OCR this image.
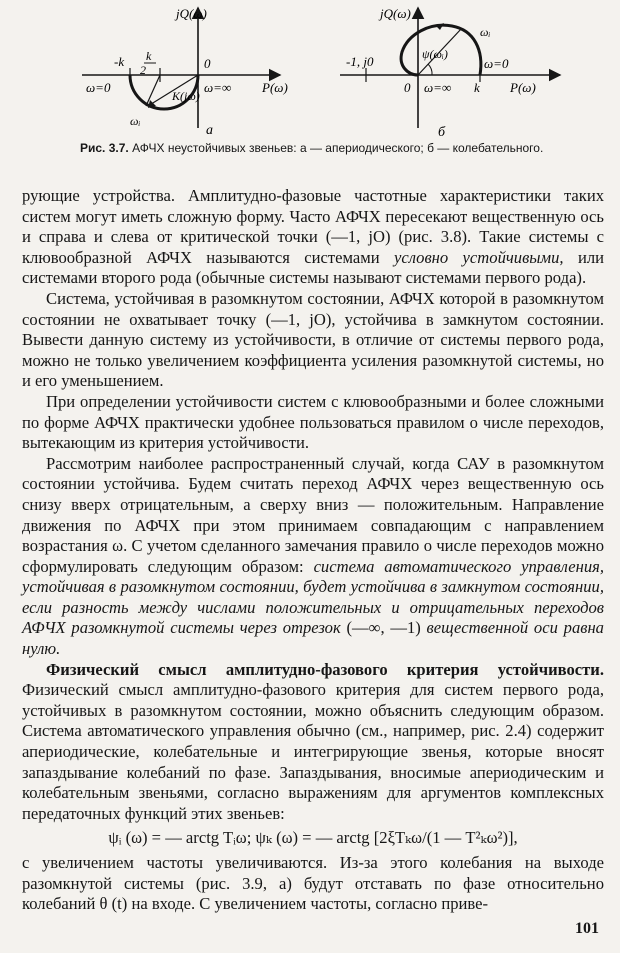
jQ(ω)
P(ω)
-k k
2	0
ω=0	ω=∞
K(jω)
ωᵢ
а
jQ(ω)
P(ω)
-1, j0
0
ω=0
ω=∞ k
ψ(ωᵢ)
ωᵢ
б
Рис. 3.7. АФЧХ неустойчивых звеньев: а — апериодического; б — колебательного.

рующие устройства. Амплитудно-фазовые частотные характеристики таких систем могут иметь сложную форму. Часто АФЧХ пересекают вещественную ось и справа и слева от критической точки (—1, jO) (рис. 3.8). Такие системы с клювообразной АФЧХ называются системами условно устойчивыми, или системами второго рода (обычные системы называют системами первого рода).

Система, устойчивая в разомкнутом состоянии, АФЧХ которой в разомкнутом состоянии не охватывает точку (—1, jO), устойчива в замкнутом состоянии. Вывести данную систему из устойчивости, в отличие от системы первого рода, можно не только увеличением коэффициента усиления разомкнутой системы, но и его уменьшением.

При определении устойчивости систем с клювообразными и более сложными по форме АФЧХ практически удобнее пользоваться правилом о числе переходов, вытекающим из критерия устойчивости.

Рассмотрим наиболее распространенный случай, когда САУ в разомкнутом состоянии устойчива. Будем считать переход АФЧХ через вещественную ось снизу вверх отрицательным, а сверху вниз — положительным. Направление движения по АФЧХ при этом принимаем совпадающим с направлением возрастания ω. С учетом сделанного замечания правило о числе переходов можно сформулировать следующим образом: система автоматического управления, устойчивая в разомкнутом состоянии, будет устойчива в замкнутом состоянии, если разность между числами положительных и отрицательных переходов АФЧХ разомкнутой системы через отрезок (—∞, —1) вещественной оси равна нулю.

Физический смысл амплитудно-фазового критерия устойчивости. Физический смысл амплитудно-фазового критерия для систем первого рода, устойчивых в разомкнутом состоянии, можно объяснить следующим образом. Система автоматического управления обычно (см., например, рис. 2.4) содержит апериодические, колебательные и интегрирующие звенья, которые вносят запаздывание колебаний по фазе. Запаздывания, вносимые апериодическим и колебательным звеньями, согласно выражениям для аргументов комплексных передаточных функций этих звеньев:

ψᵢ (ω) = — arctg Tᵢω; ψₖ (ω) = — arctg [2ξTₖω/(1 — T²ₖω²)],

с увеличением частоты увеличиваются. Из-за этого колебания на выходе разомкнутой системы (рис. 3.9, а) будут отставать по фазе относительно колебаний θ (t) на входе. С увеличением частоты, согласно приве-

101
